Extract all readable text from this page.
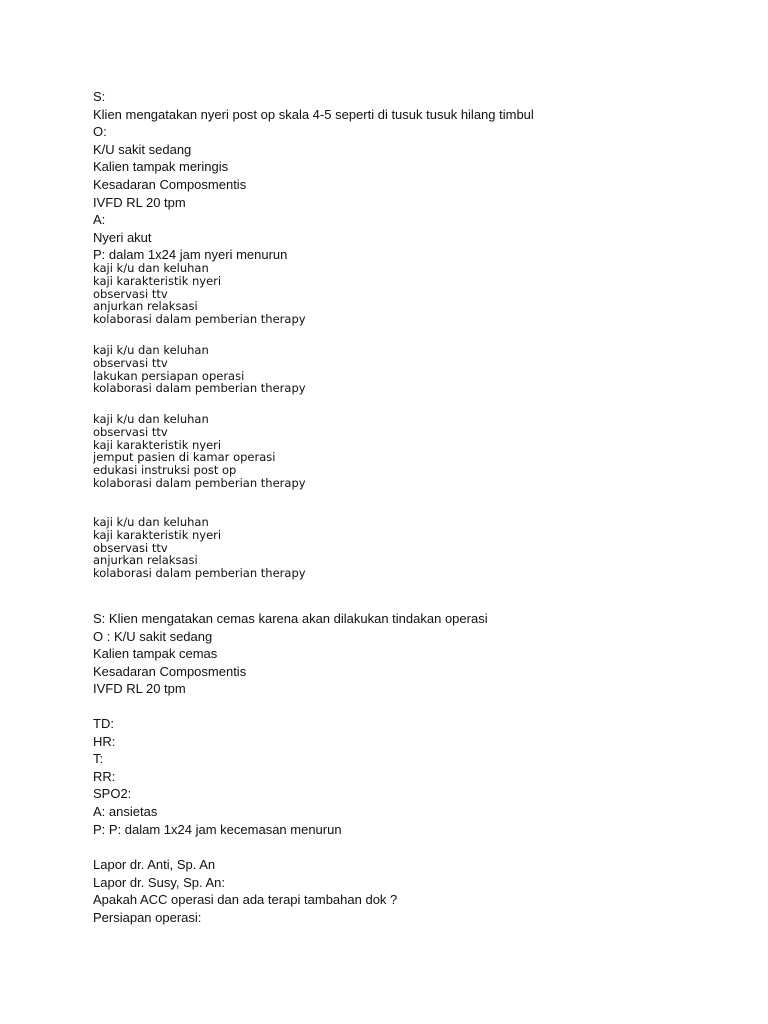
S:
Klien mengatakan nyeri post op skala 4-5 seperti di tusuk tusuk hilang timbul
O:
K/U sakit sedang
Kalien tampak meringis
Kesadaran Composmentis
IVFD RL 20 tpm
A:
Nyeri akut
P: dalam 1x24 jam nyeri menurun
kaji k/u dan keluhan
kaji karakteristik nyeri
observasi ttv
anjurkan relaksasi
kolaborasi dalam pemberian therapy
kaji k/u dan keluhan
observasi ttv
lakukan persiapan operasi
kolaborasi dalam pemberian therapy
kaji k/u dan keluhan
observasi ttv
kaji karakteristik nyeri
jemput pasien di kamar operasi
edukasi instruksi post op
kolaborasi dalam pemberian therapy
kaji k/u dan keluhan
kaji karakteristik nyeri
observasi ttv
anjurkan relaksasi
kolaborasi dalam pemberian therapy
S: Klien mengatakan cemas karena akan dilakukan tindakan operasi
O : K/U sakit sedang
Kalien tampak cemas
Kesadaran Composmentis
IVFD RL 20 tpm
TD:
HR:
T:
RR:
SPO2:
A: ansietas
P: P: dalam 1x24 jam kecemasan menurun
Lapor dr. Anti, Sp. An
Lapor dr. Susy, Sp. An:
Apakah ACC operasi dan ada terapi tambahan dok ?
Persiapan operasi:
